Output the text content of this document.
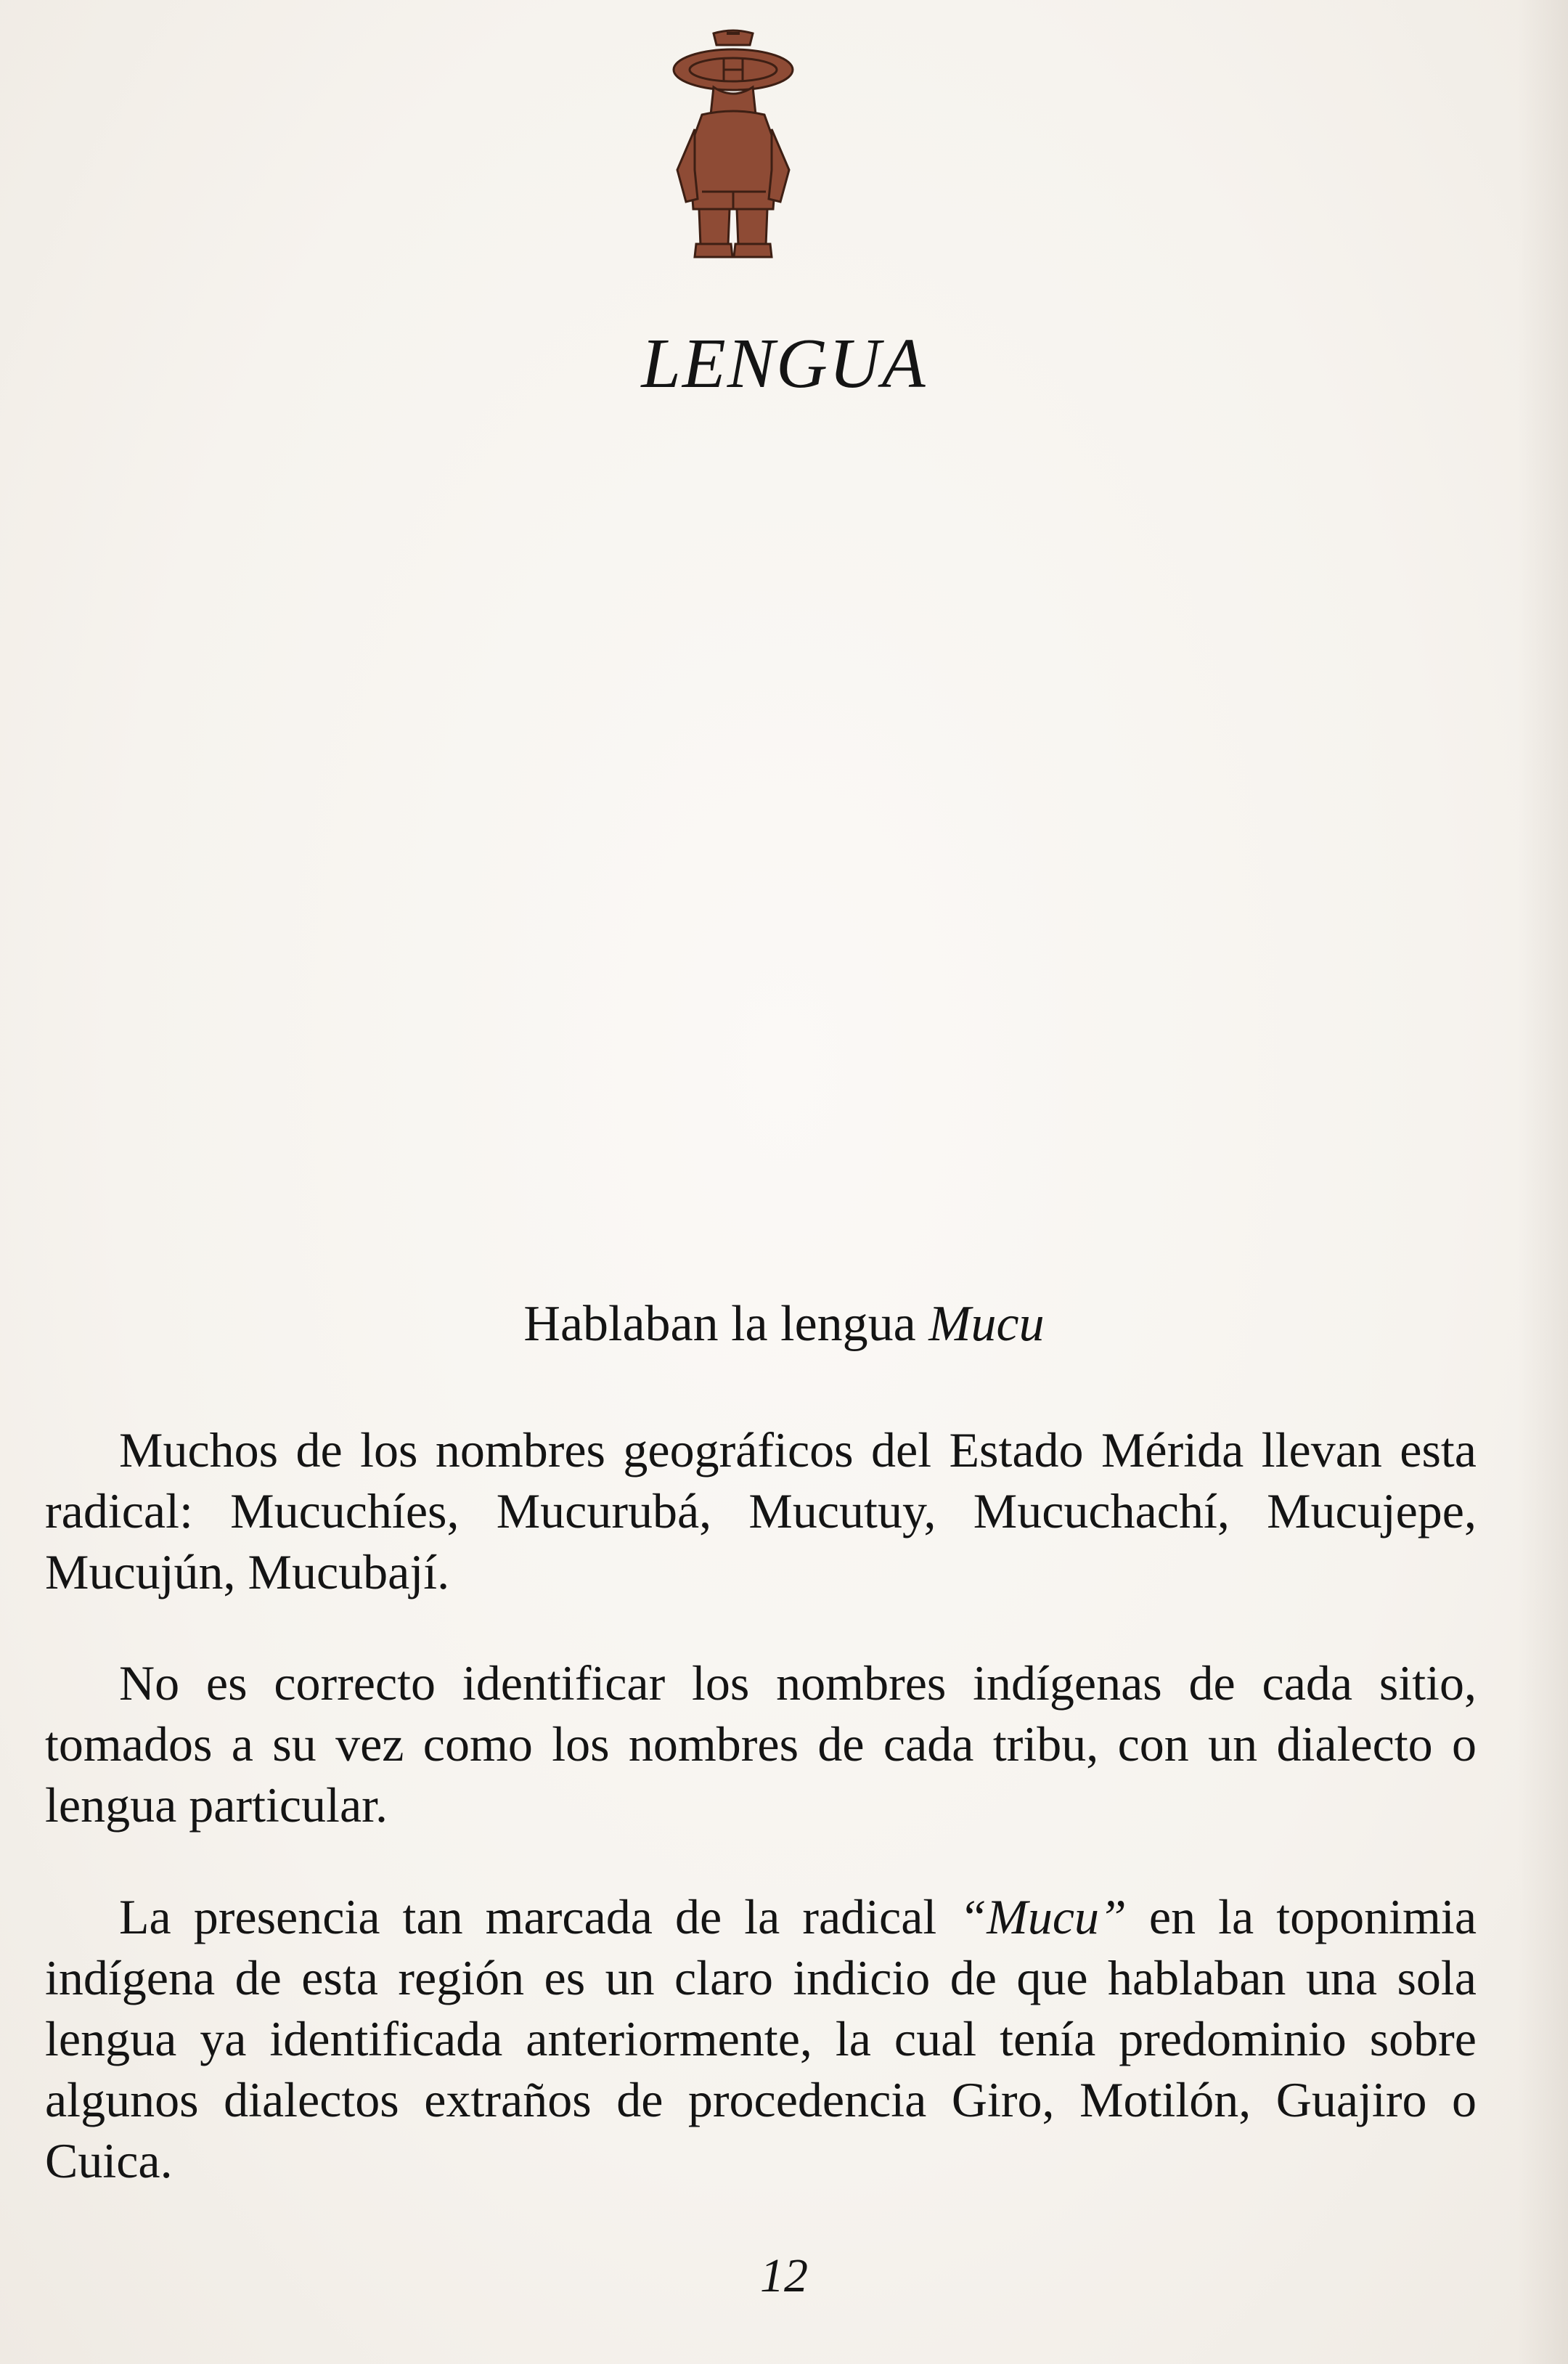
LENGUA
Hablaban la lengua Mucu

Muchos de los nombres geográficos del Estado Mérida llevan esta radical: Mucuchíes, Mucurubá, Mucutuy, Mucuchachí, Mucujepe, Mucujún, Mucubají.

No es correcto identificar los nombres indígenas de cada sitio, tomados a su vez como los nombres de cada tribu, con un dialecto o lengua particular.

La presencia tan marcada de la radical “Mucu” en la toponimia indígena de esta región es un claro indicio de que hablaban una sola lengua ya identificada anteriormente, la cual tenía predominio sobre algunos dialectos extraños de procedencia Giro, Motilón, Guajiro o Cuica.

12
